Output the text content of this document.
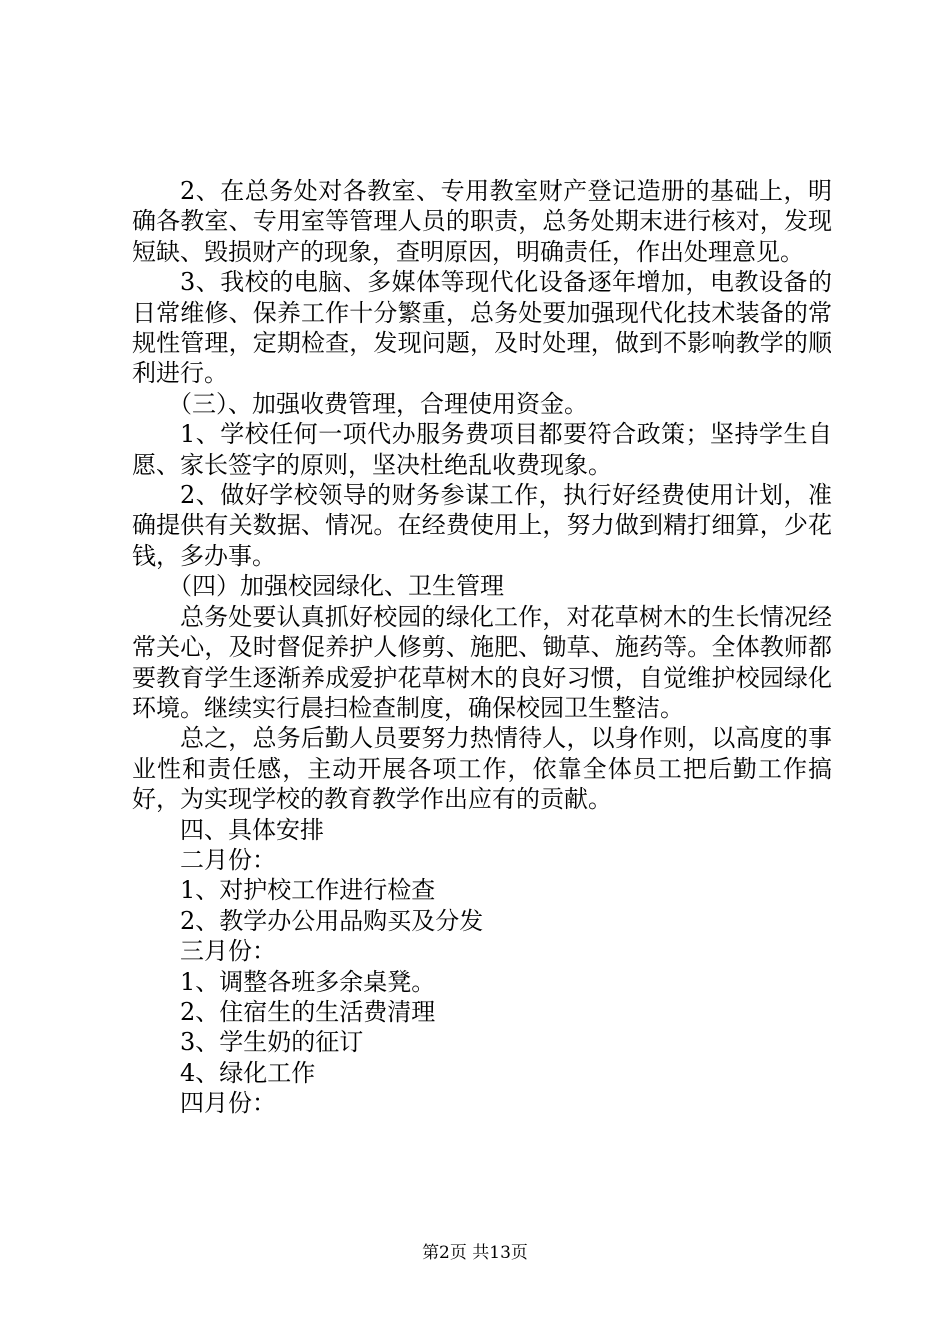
2、在总务处对各教室、专用教室财产登记造册的基础上，明确各教室、专用室等管理人员的职责，总务处期末进行核对，发现短缺、毁损财产的现象，查明原因，明确责任，作出处理意见。

3、我校的电脑、多媒体等现代化设备逐年增加，电教设备的日常维修、保养工作十分繁重，总务处要加强现代化技术装备的常规性管理，定期检查，发现问题，及时处理，做到不影响教学的顺利进行。

（三）、加强收费管理，合理使用资金。

1、学校任何一项代办服务费项目都要符合政策；坚持学生自愿、家长签字的原则，坚决杜绝乱收费现象。

2、做好学校领导的财务参谋工作，执行好经费使用计划，准确提供有关数据、情况。在经费使用上，努力做到精打细算，少花钱，多办事。

（四）加强校园绿化、卫生管理

总务处要认真抓好校园的绿化工作，对花草树木的生长情况经常关心，及时督促养护人修剪、施肥、锄草、施药等。全体教师都要教育学生逐渐养成爱护花草树木的良好习惯，自觉维护校园绿化环境。继续实行晨扫检查制度，确保校园卫生整洁。

总之，总务后勤人员要努力热情待人，以身作则，以高度的事业性和责任感，主动开展各项工作，依靠全体员工把后勤工作搞好，为实现学校的教育教学作出应有的贡献。

四、具体安排

二月份：

1、对护校工作进行检查

2、教学办公用品购买及分发

三月份：

1、调整各班多余桌凳。

2、住宿生的生活费清理

3、学生奶的征订

4、绿化工作

四月份：

第2页 共13页
